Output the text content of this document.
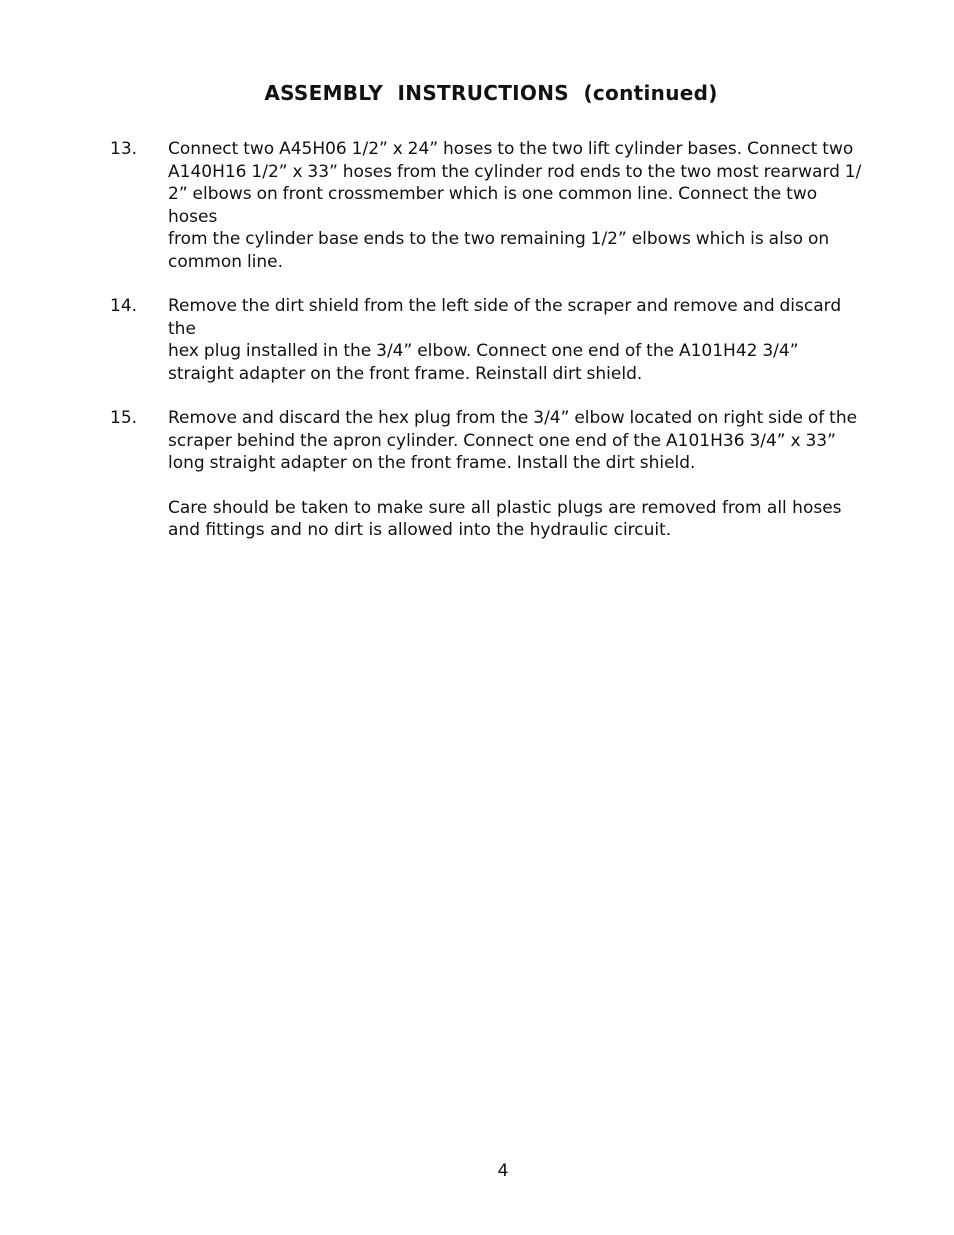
ASSEMBLY  INSTRUCTIONS  (continued)
13.	Connect two A45H06 1/2” x 24” hoses to the two lift cylinder bases. Connect two
A140H16 1/2” x 33” hoses from the cylinder rod ends to the two most rearward 1/
2” elbows on front crossmember which is one common line. Connect the two hoses
from the cylinder base ends to the two remaining 1/2” elbows which is also on
common line.
14.	Remove the dirt shield from the left side of the scraper and remove and discard the
hex plug installed in the 3/4” elbow. Connect one end of the A101H42 3/4”
straight adapter on the front frame. Reinstall dirt shield.
15.	Remove and discard the hex plug from the 3/4” elbow located on right side of the
scraper behind the apron cylinder. Connect one end of the A101H36 3/4” x 33”
long straight adapter on the front frame. Install the dirt shield.
Care should be taken to make sure all plastic plugs are removed from all hoses
and fittings and no dirt is allowed into the hydraulic circuit.
4
